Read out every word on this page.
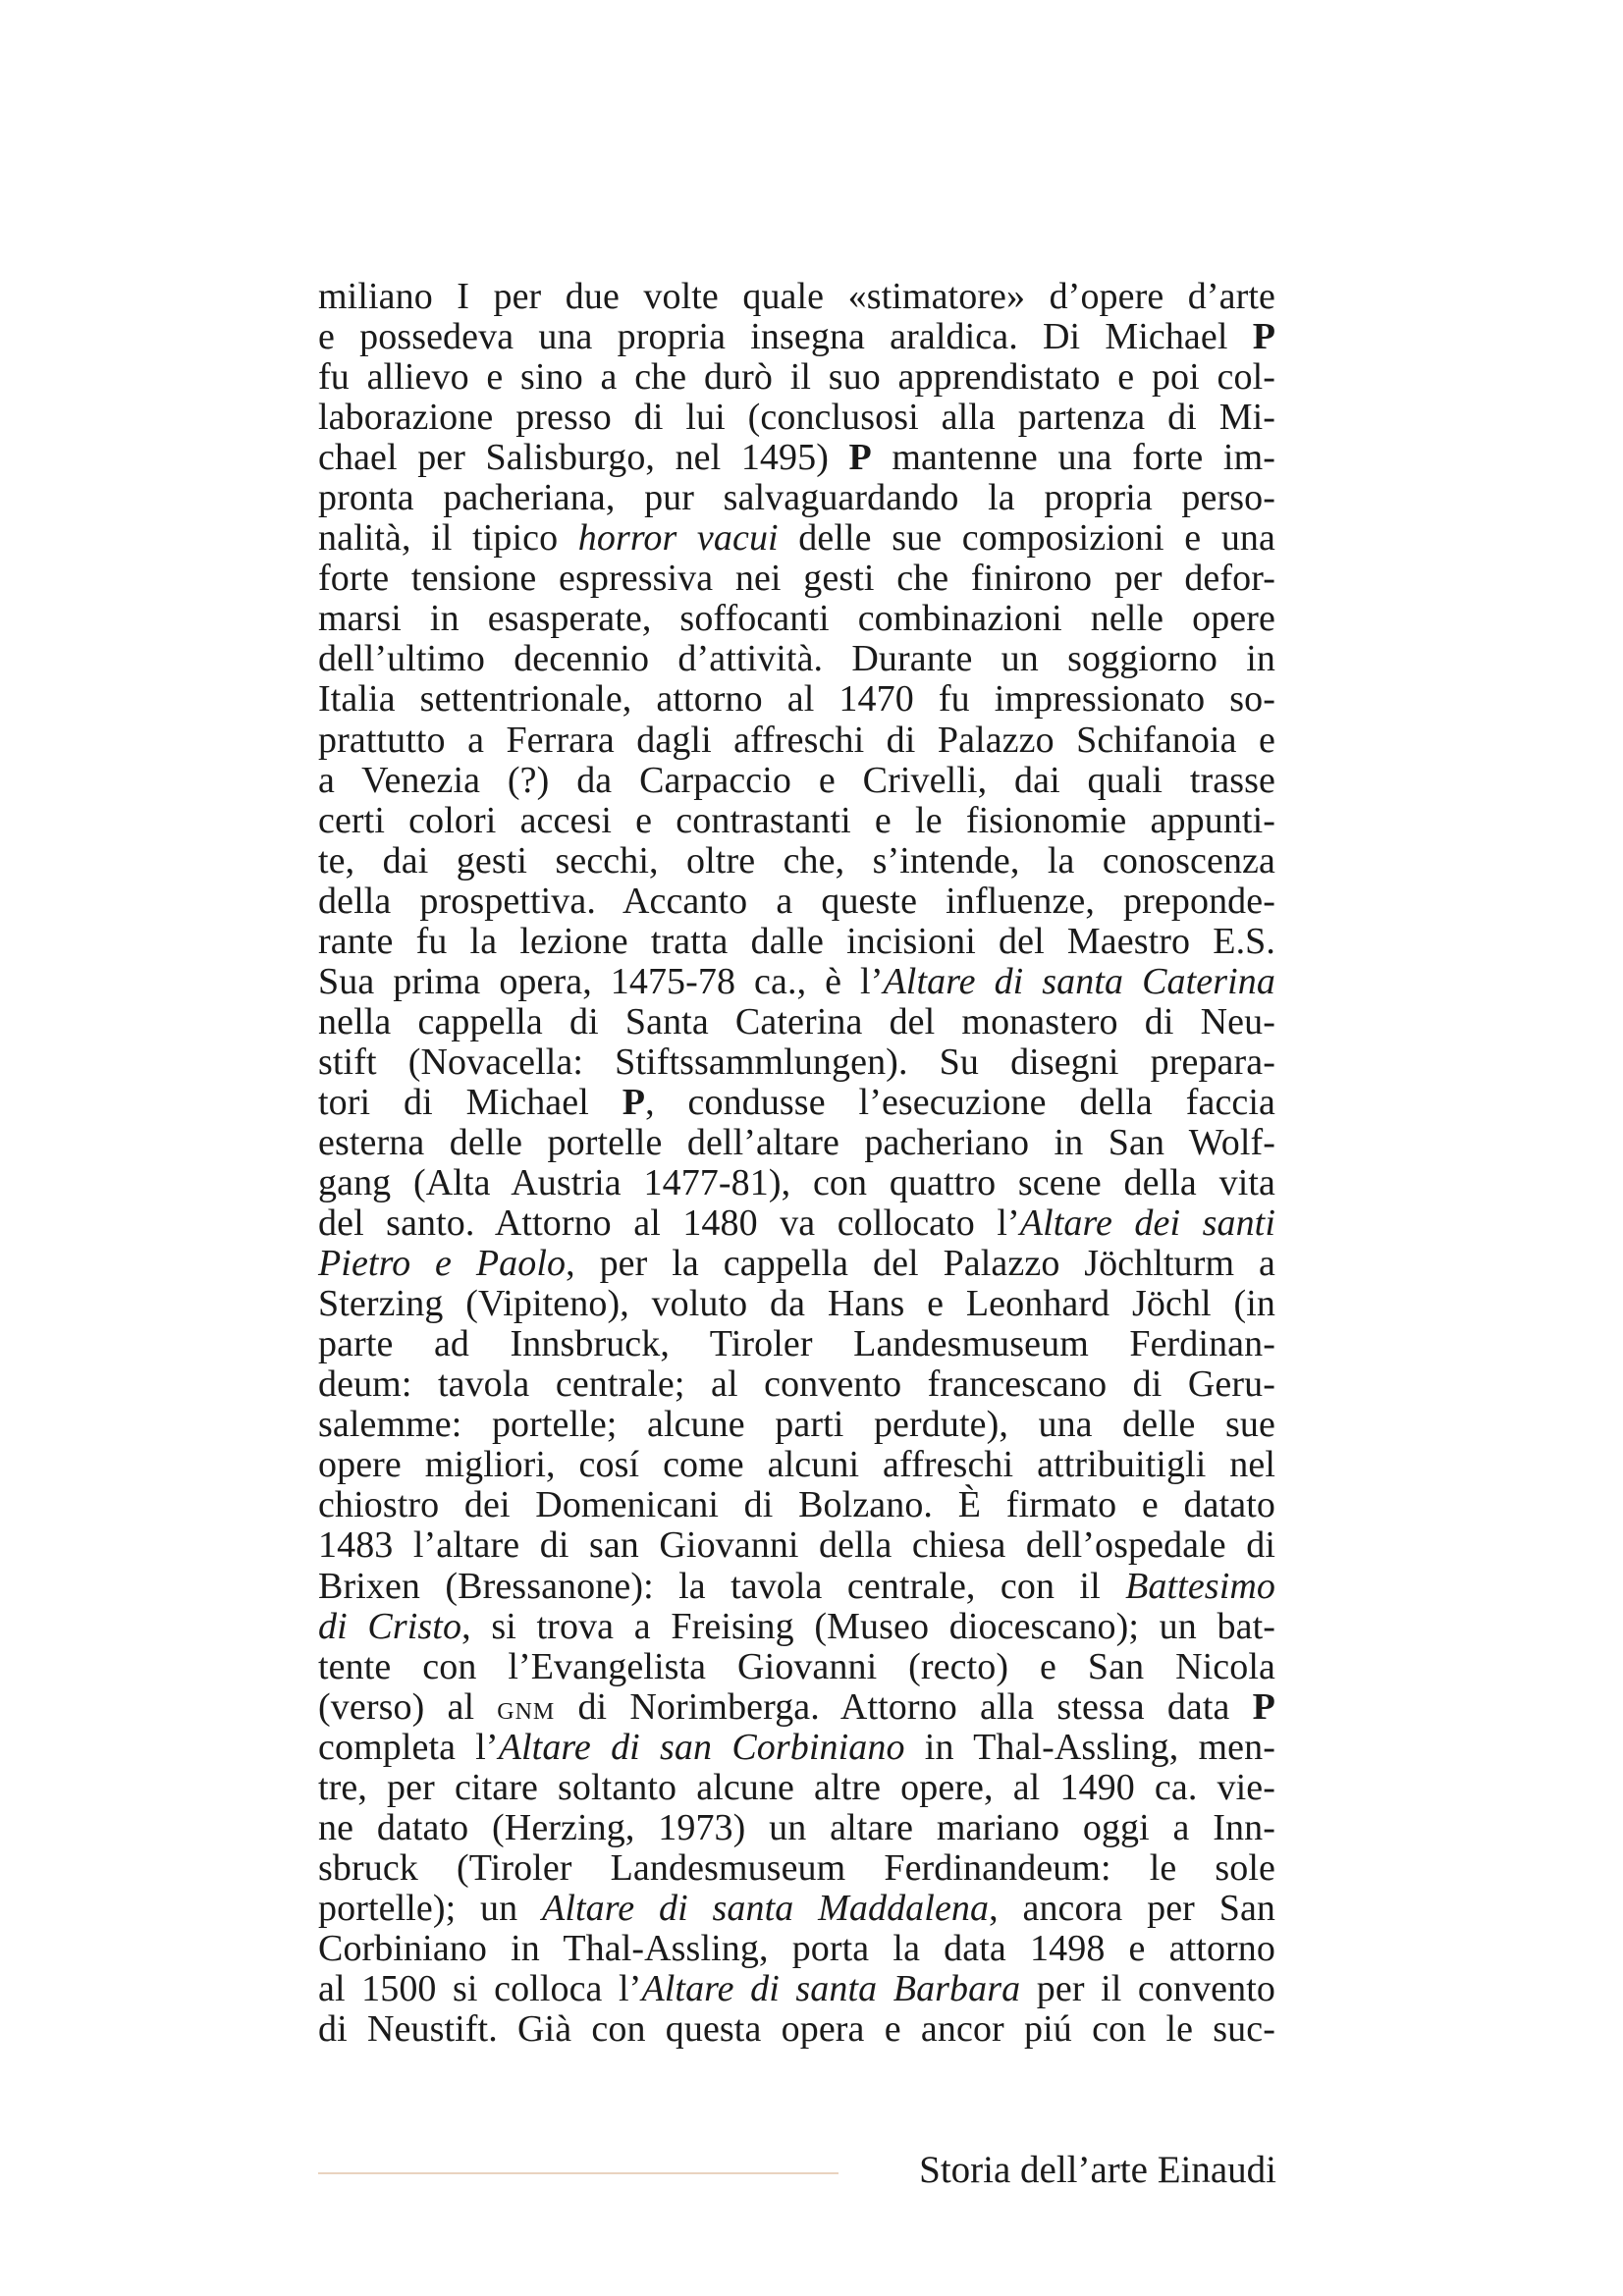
miliano I per due volte quale «stimatore» d’opere d’arte
e possedeva una propria insegna araldica. Di Michael P
fu allievo e sino a che durò il suo apprendistato e poi col-
laborazione presso di lui (conclusosi alla partenza di Mi-
chael per Salisburgo, nel 1495) P mantenne una forte im-
pronta pacheriana, pur salvaguardando la propria perso-
nalità, il tipico horror vacui delle sue composizioni e una
forte tensione espressiva nei gesti che finirono per defor-
marsi in esasperate, soffocanti combinazioni nelle opere
dell’ultimo decennio d’attività. Durante un soggiorno in
Italia settentrionale, attorno al 1470 fu impressionato so-
prattutto a Ferrara dagli affreschi di Palazzo Schifanoia e
a Venezia (?) da Carpaccio e Crivelli, dai quali trasse
certi colori accesi e contrastanti e le fisionomie appunti-
te, dai gesti secchi, oltre che, s’intende, la conoscenza
della prospettiva. Accanto a queste influenze, preponde-
rante fu la lezione tratta dalle incisioni del Maestro E.S.
Sua prima opera, 1475-78 ca., è l’Altare di santa Caterina
nella cappella di Santa Caterina del monastero di Neu-
stift (Novacella: Stiftssammlungen). Su disegni prepara-
tori di Michael P, condusse l’esecuzione della faccia
esterna delle portelle dell’altare pacheriano in San Wolf-
gang (Alta Austria 1477-81), con quattro scene della vita
del santo. Attorno al 1480 va collocato l’Altare dei santi
Pietro e Paolo, per la cappella del Palazzo Jöchlturm a
Sterzing (Vipiteno), voluto da Hans e Leonhard Jöchl (in
parte ad Innsbruck, Tiroler Landesmuseum Ferdinan-
deum: tavola centrale; al convento francescano di Geru-
salemme: portelle; alcune parti perdute), una delle sue
opere migliori, cosí come alcuni affreschi attribuitigli nel
chiostro dei Domenicani di Bolzano. È firmato e datato
1483 l’altare di san Giovanni della chiesa dell’ospedale di
Brixen (Bressanone): la tavola centrale, con il Battesimo
di Cristo, si trova a Freising (Museo diocescano); un bat-
tente con l’Evangelista Giovanni (recto) e San Nicola
(verso) al gnm di Norimberga. Attorno alla stessa data P
completa l’Altare di san Corbiniano in Thal-Assling, men-
tre, per citare soltanto alcune altre opere, al 1490 ca. vie-
ne datato (Herzing, 1973) un altare mariano oggi a Inn-
sbruck (Tiroler Landesmuseum Ferdinandeum: le sole
portelle); un Altare di santa Maddalena, ancora per San
Corbiniano in Thal-Assling, porta la data 1498 e attorno
al 1500 si colloca l’Altare di santa Barbara per il convento
di Neustift. Già con questa opera e ancor piú con le suc-
Storia dell’arte Einaudi
